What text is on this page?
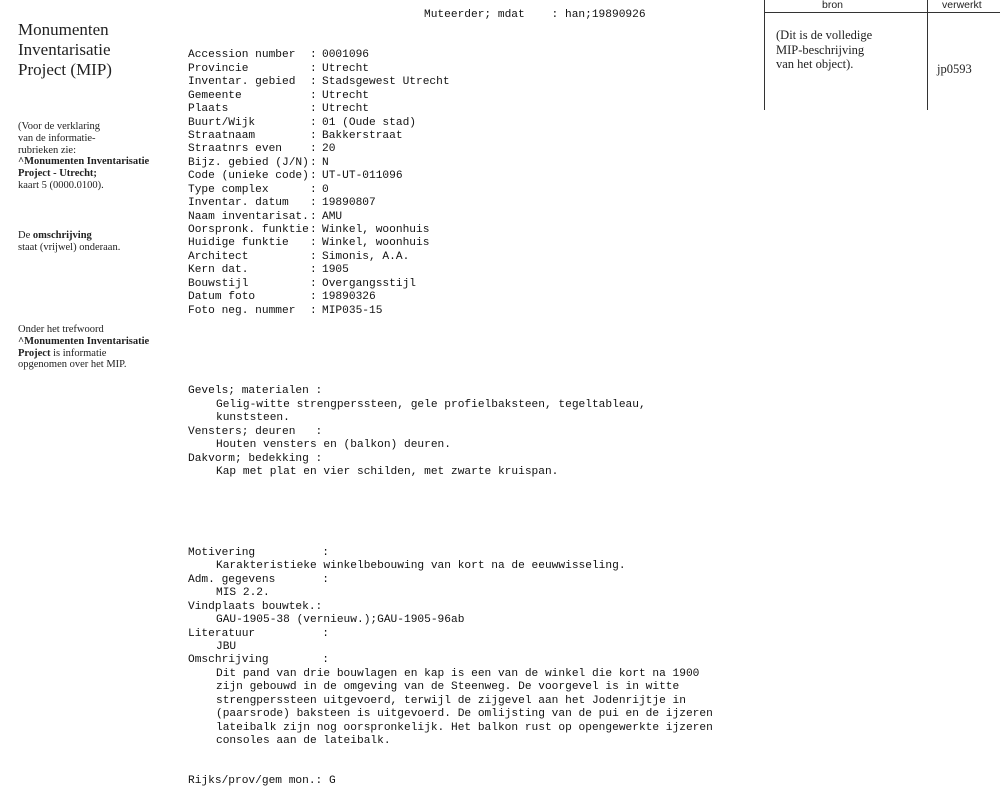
Monumenten
Inventarisatie
Project (MIP)
(Voor de verklaring
van de informatie-
rubrieken zie:
^Monumenten Inventarisatie
Project - Utrecht;
kaart 5 (0000.0100).
De omschrijving
staat (vrijwel) onderaan.
Onder het trefwoord
^Monumenten Inventarisatie
Project is informatie
opgenomen over het MIP.

Muteerder; mdat    : han;19890926

Accession number	: 0001096
Provincie	: Utrecht
Inventar. gebied	: Stadsgewest Utrecht
Gemeente	: Utrecht
Plaats	: Utrecht
Buurt/Wijk	: 01 (Oude stad)
Straatnaam	: Bakkerstraat
Straatnrs even	: 20
Bijz. gebied (J/N) : N
Code (unieke code) : UT-UT-011096
Type complex	: 0
Inventar. datum	: 19890807
Naam inventarisat. : AMU
Oorspronk. funktie : Winkel, woonhuis
Huidige funktie	: Winkel, woonhuis
Architect	: Simonis, A.A.
Kern dat.	: 1905
Bouwstijl	: Overgangsstijl
Datum foto	: 19890326
Foto neg. nummer	: MIP035-15

Gevels; materialen :
Gelig-witte strengperssteen, gele profielbaksteen, tegeltableau,
kunststeen.
Vensters; deuren   :
Houten vensters en (balkon) deuren.
Dakvorm; bedekking :
Kap met plat en vier schilden, met zwarte kruispan.

Motivering          :
Karakteristieke winkelbebouwing van kort na de eeuwwisseling.
Adm. gegevens       :
MIS 2.2.
Vindplaats bouwtek.:
GAU-1905-38 (vernieuw.);GAU-1905-96ab
Literatuur          :
JBU
Omschrijving        :
Dit pand van drie bouwlagen en kap is een van de winkel die kort na 1900
zijn gebouwd in de omgeving van de Steenweg. De voorgevel is in witte
strengperssteen uitgevoerd, terwijl de zijgevel aan het Jodenrijtje in
(paarsrode) baksteen is uitgevoerd. De omlijsting van de pui en de ijzeren
lateibalk zijn nog oorspronkelijk. Het balkon rust op opengewerkte ijzeren
consoles aan de lateibalk.

Rijks/prov/gem mon.: G

bron	verwerkt
(Dit is de volledige
MIP-beschrijving
van het object).	jp0593
